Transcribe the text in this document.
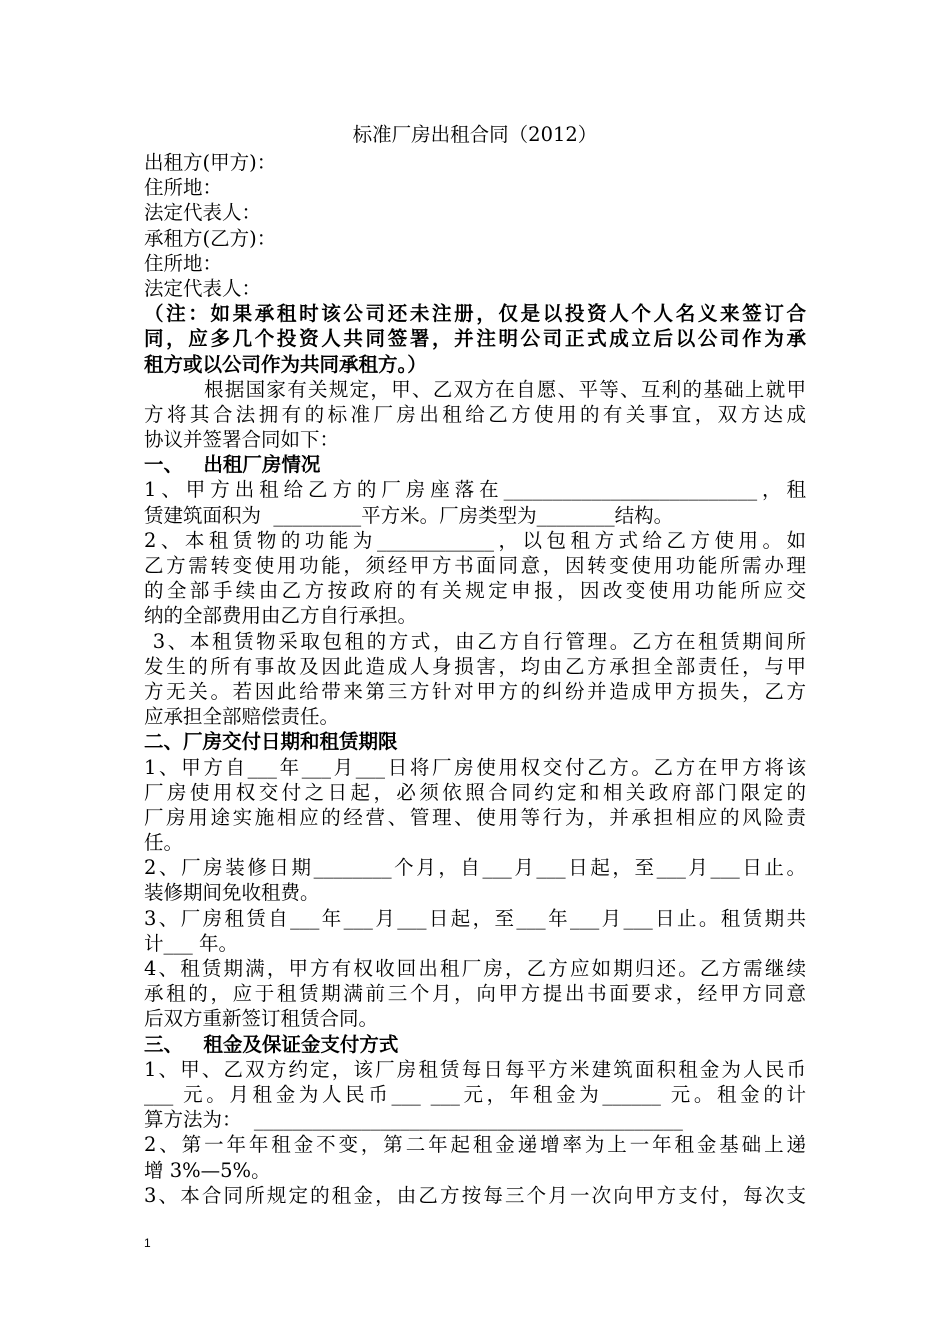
标准厂房出租合同（2012）
出租方(甲方)：
住所地：
法定代表人：
承租方(乙方)：
住所地：
法定代表人：
（注：如果承租时该公司还未注册，仅是以投资人个人名义来签订合
同，应多几个投资人共同签署，并注明公司正式成立后以公司作为承
租方或以公司作为共同承租方。）
根据国家有关规定，甲、乙双方在自愿、平等、互利的基础上就甲
方将其合法拥有的标准厂房出租给乙方使用的有关事宜，双方达成
协议并签署合同如下：
一、   出租厂房情况
1、甲方出租给乙方的厂房座落在__________________________，租
赁建筑面积为  _________平方米。厂房类型为________结构。
2、本租赁物的功能为____________，以包租方式给乙方使用。如
乙方需转变使用功能，须经甲方书面同意，因转变使用功能所需办理
的全部手续由乙方按政府的有关规定申报，因改变使用功能所应交
纳的全部费用由乙方自行承担。
3、本租赁物采取包租的方式，由乙方自行管理。乙方在租赁期间所
发生的所有事故及因此造成人身损害，均由乙方承担全部责任，与甲
方无关。若因此给带来第三方针对甲方的纠纷并造成甲方损失，乙方
应承担全部赔偿责任。
二、厂房交付日期和租赁期限
1、甲方自___年___月___日将厂房使用权交付乙方。乙方在甲方将该
厂房使用权交付之日起，必须依照合同约定和相关政府部门限定的
厂房用途实施相应的经营、管理、使用等行为，并承担相应的风险责
任。
2、厂房装修日期________个月，自___月___日起，至___月___日止。
装修期间免收租费。
3、厂房租赁自___年___月___日起，至___年___月___日止。租赁期共
计___ 年。
4、租赁期满，甲方有权收回出租厂房，乙方应如期归还。乙方需继续
承租的，应于租赁期满前三个月，向甲方提出书面要求，经甲方同意
后双方重新签订租赁合同。
三、   租金及保证金支付方式
1、甲、乙双方约定，该厂房租赁每日每平方米建筑面积租金为人民币
___ 元。月租金为人民币___ ___元，年租金为______ 元。租金的计
算方法为：  ____________________________________________
2、第一年年租金不变，第二年起租金递增率为上一年租金基础上递
增 3%—5%。
3、本合同所规定的租金，由乙方按每三个月一次向甲方支付，每次支
1
